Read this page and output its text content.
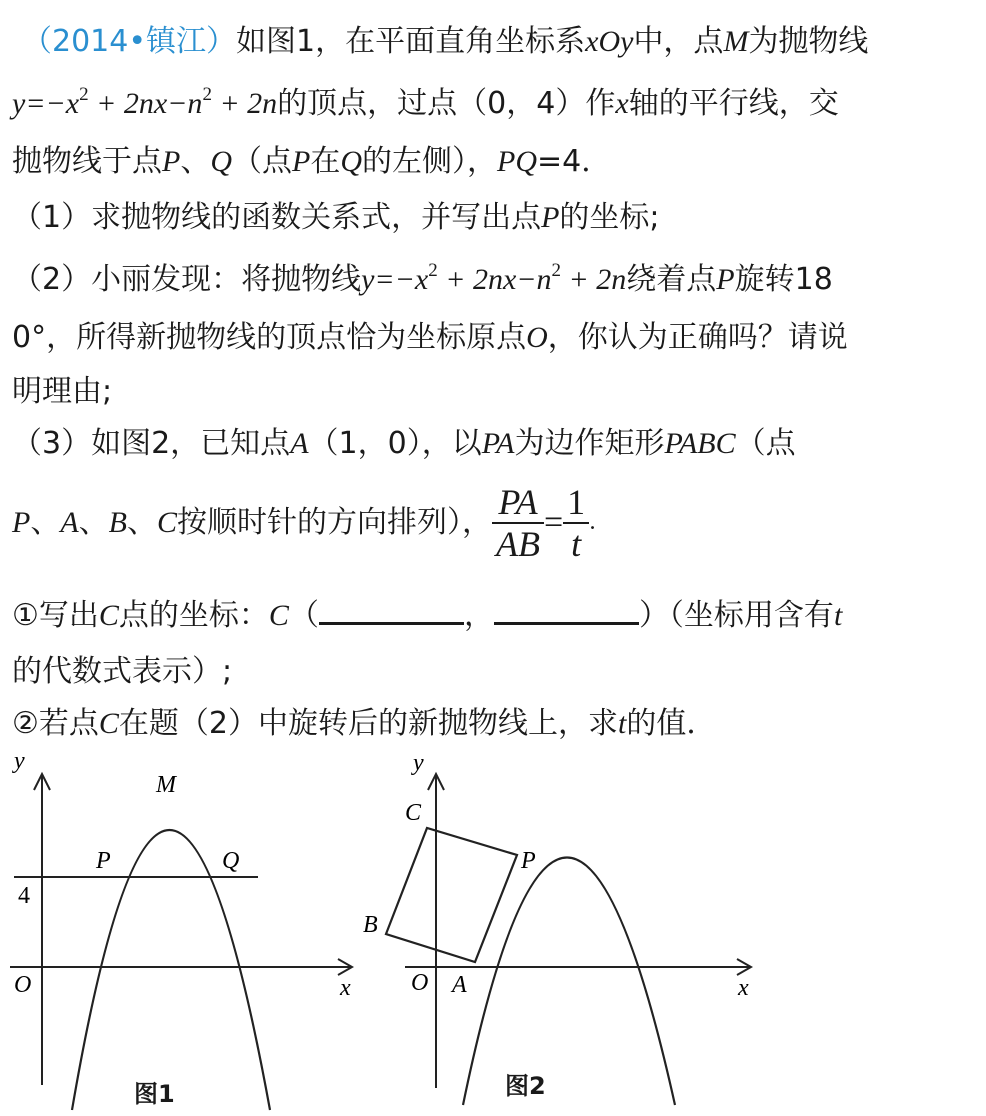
（2014•镇江）如图1，在平面直角坐标系xOy中，点M为抛物线
$y=-x^2 + 2nx-n^2 + 2n$的顶点，过点（0，4）作x轴的平行线，交
抛物线于点P、Q（点P在Q的左侧），PQ=4．
（1）求抛物线的函数关系式，并写出点P的坐标;
（2）小丽发现：将抛物线$y=-x^2 + 2nx-n^2 + 2n$绕着点P旋转18
0°，所得新抛物线的顶点恰为坐标原点O，你认为正确吗？请说
明理由;
（3）如图2，已知点A（1，0），以PA为边作矩形PABC（点
P、A、B、C按顺时针的方向排列）， $\frac{PA}{AB} = \frac{1}{t}$ ．
①写出C点的坐标：C（	，	）（坐标用含有t
的代数式表示）;
②若点C在题（2）中旋转后的新抛物线上，求t的值．
y
x
O
4
M
P	Q
图1
y
x
O A
B
C
P
图2
